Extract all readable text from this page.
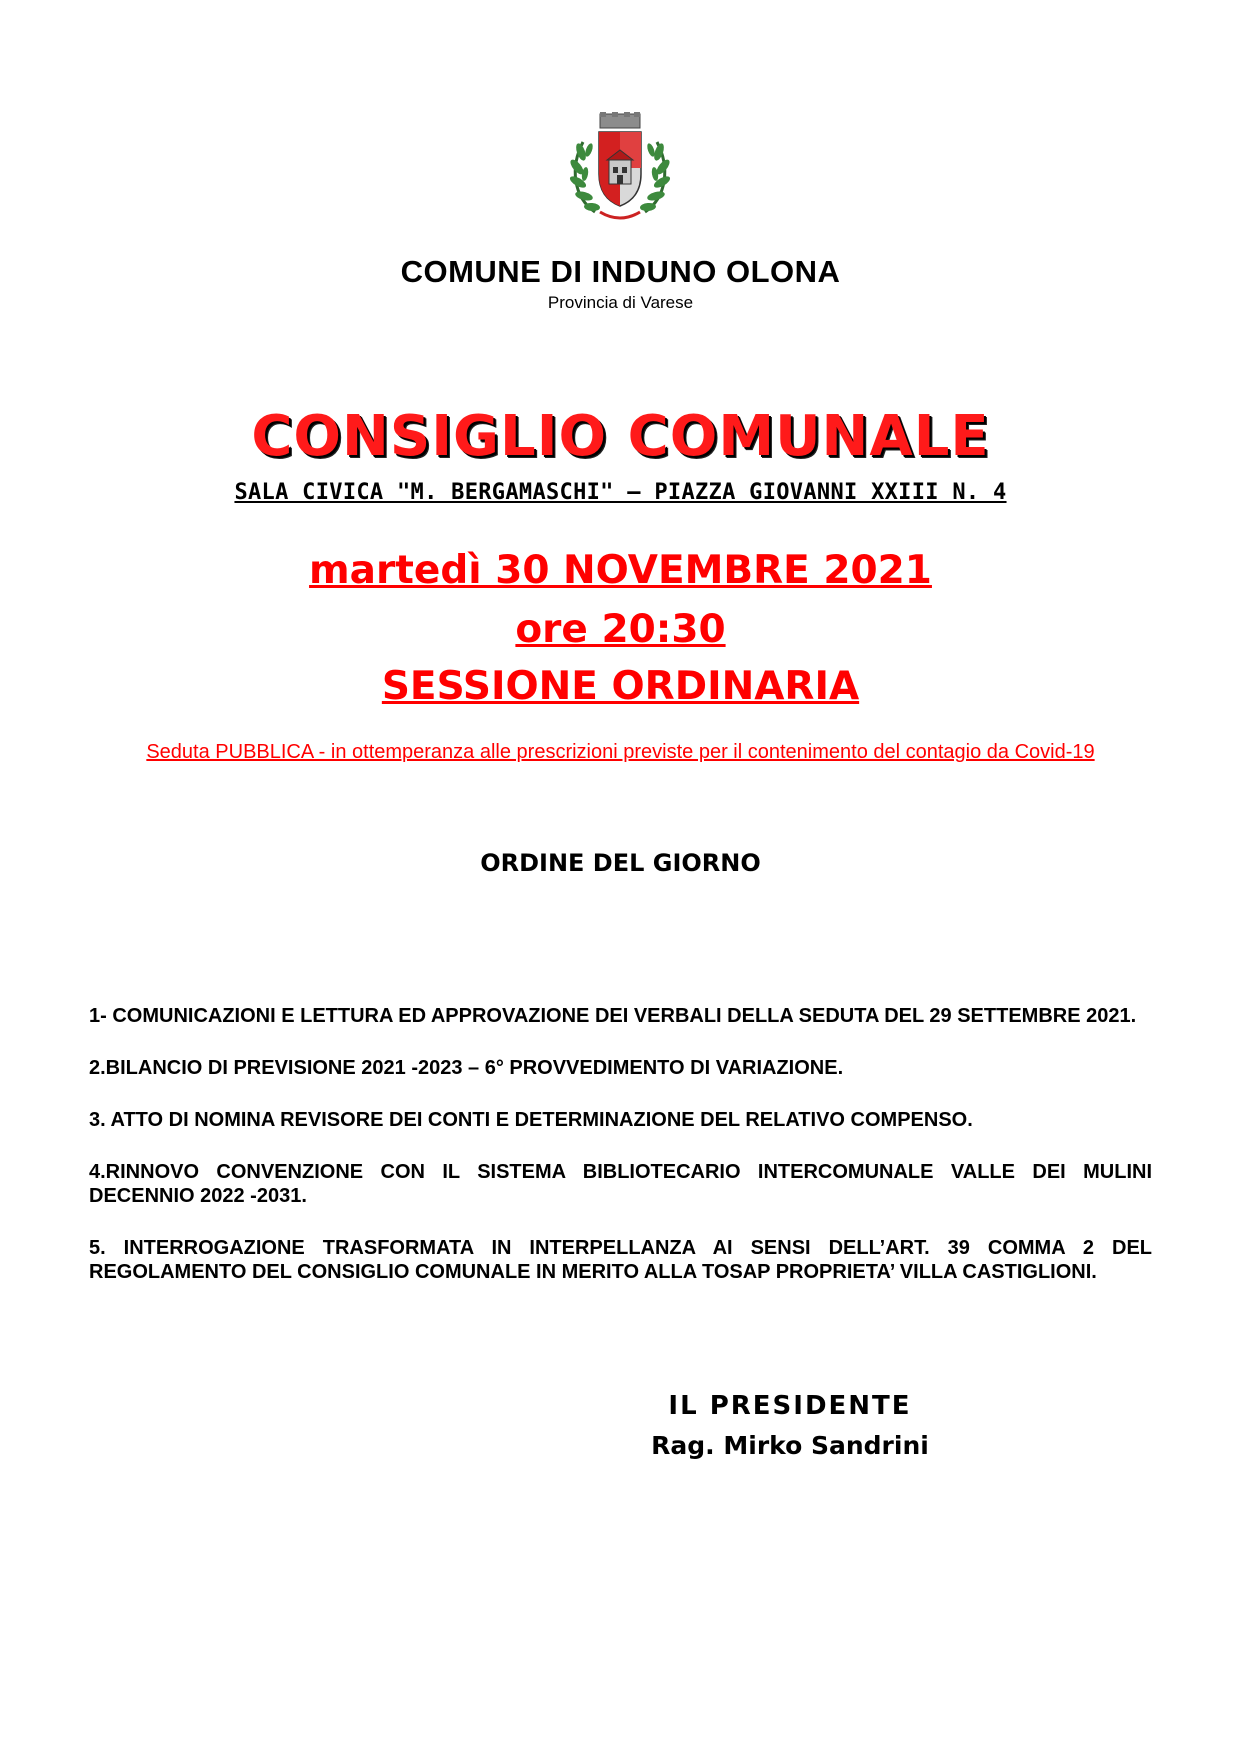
COMUNE DI INDUNO OLONA
Provincia di Varese
CONSIGLIO COMUNALE
SALA CIVICA "M. BERGAMASCHI" – PIAZZA GIOVANNI XXIII N. 4
martedì 30 NOVEMBRE 2021
ore 20:30
SESSIONE ORDINARIA
Seduta PUBBLICA - in ottemperanza alle prescrizioni previste per il contenimento del contagio da Covid-19
ORDINE DEL GIORNO

1- COMUNICAZIONI E LETTURA ED APPROVAZIONE DEI VERBALI DELLA SEDUTA DEL 29 SETTEMBRE 2021.

2.BILANCIO DI PREVISIONE 2021 -2023 – 6° PROVVEDIMENTO DI VARIAZIONE.

3. ATTO DI NOMINA REVISORE DEI CONTI E DETERMINAZIONE DEL RELATIVO COMPENSO.

4.RINNOVO CONVENZIONE CON IL SISTEMA BIBLIOTECARIO INTERCOMUNALE VALLE DEI MULINI DECENNIO 2022 -2031.

5. INTERROGAZIONE TRASFORMATA IN INTERPELLANZA AI SENSI DELL’ART. 39 COMMA 2 DEL REGOLAMENTO DEL CONSIGLIO COMUNALE IN MERITO ALLA TOSAP PROPRIETA’ VILLA CASTIGLIONI.

IL PRESIDENTE
Rag. Mirko Sandrini
